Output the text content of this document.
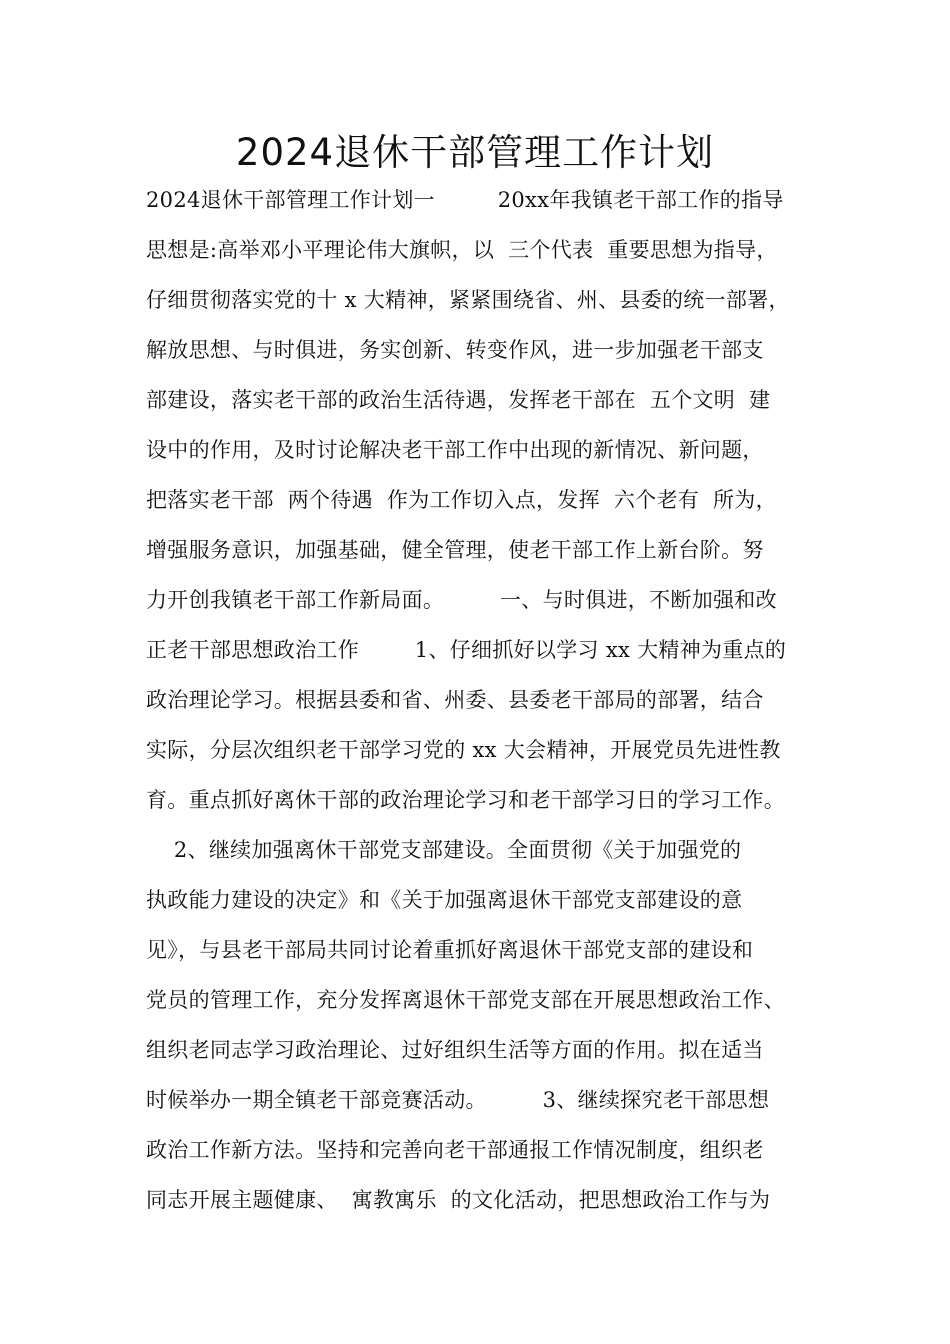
2024退休干部管理工作计划
2024退休干部管理工作计划一         20xx年我镇老干部工作的指导
思想是:高举邓小平理论伟大旗帜，以  三个代表  重要思想为指导，
仔细贯彻落实党的十 x 大精神，紧紧围绕省、州、县委的统一部署，
解放思想、与时俱进，务实创新、转变作风，进一步加强老干部支
部建设，落实老干部的政治生活待遇，发挥老干部在  五个文明  建
设中的作用，及时讨论解决老干部工作中出现的新情况、新问题，
把落实老干部  两个待遇  作为工作切入点，发挥  六个老有  所为，
增强服务意识，加强基础，健全管理，使老干部工作上新台阶。努
力开创我镇老干部工作新局面。        一、与时俱进，不断加强和改
正老干部思想政治工作        1、仔细抓好以学习 xx 大精神为重点的
政治理论学习。根据县委和省、州委、县委老干部局的部署，结合
实际，分层次组织老干部学习党的 xx 大会精神，开展党员先进性教
育。重点抓好离休干部的政治理论学习和老干部学习日的学习工作。
2、继续加强离休干部党支部建设。全面贯彻《关于加强党的
执政能力建设的决定》和《关于加强离退休干部党支部建设的意
见》，与县老干部局共同讨论着重抓好离退休干部党支部的建设和
党员的管理工作，充分发挥离退休干部党支部在开展思想政治工作、
组织老同志学习政治理论、过好组织生活等方面的作用。拟在适当
时候举办一期全镇老干部竞赛活动。        3、继续探究老干部思想
政治工作新方法。坚持和完善向老干部通报工作情况制度，组织老
同志开展主题健康、  寓教寓乐  的文化活动，把思想政治工作与为
